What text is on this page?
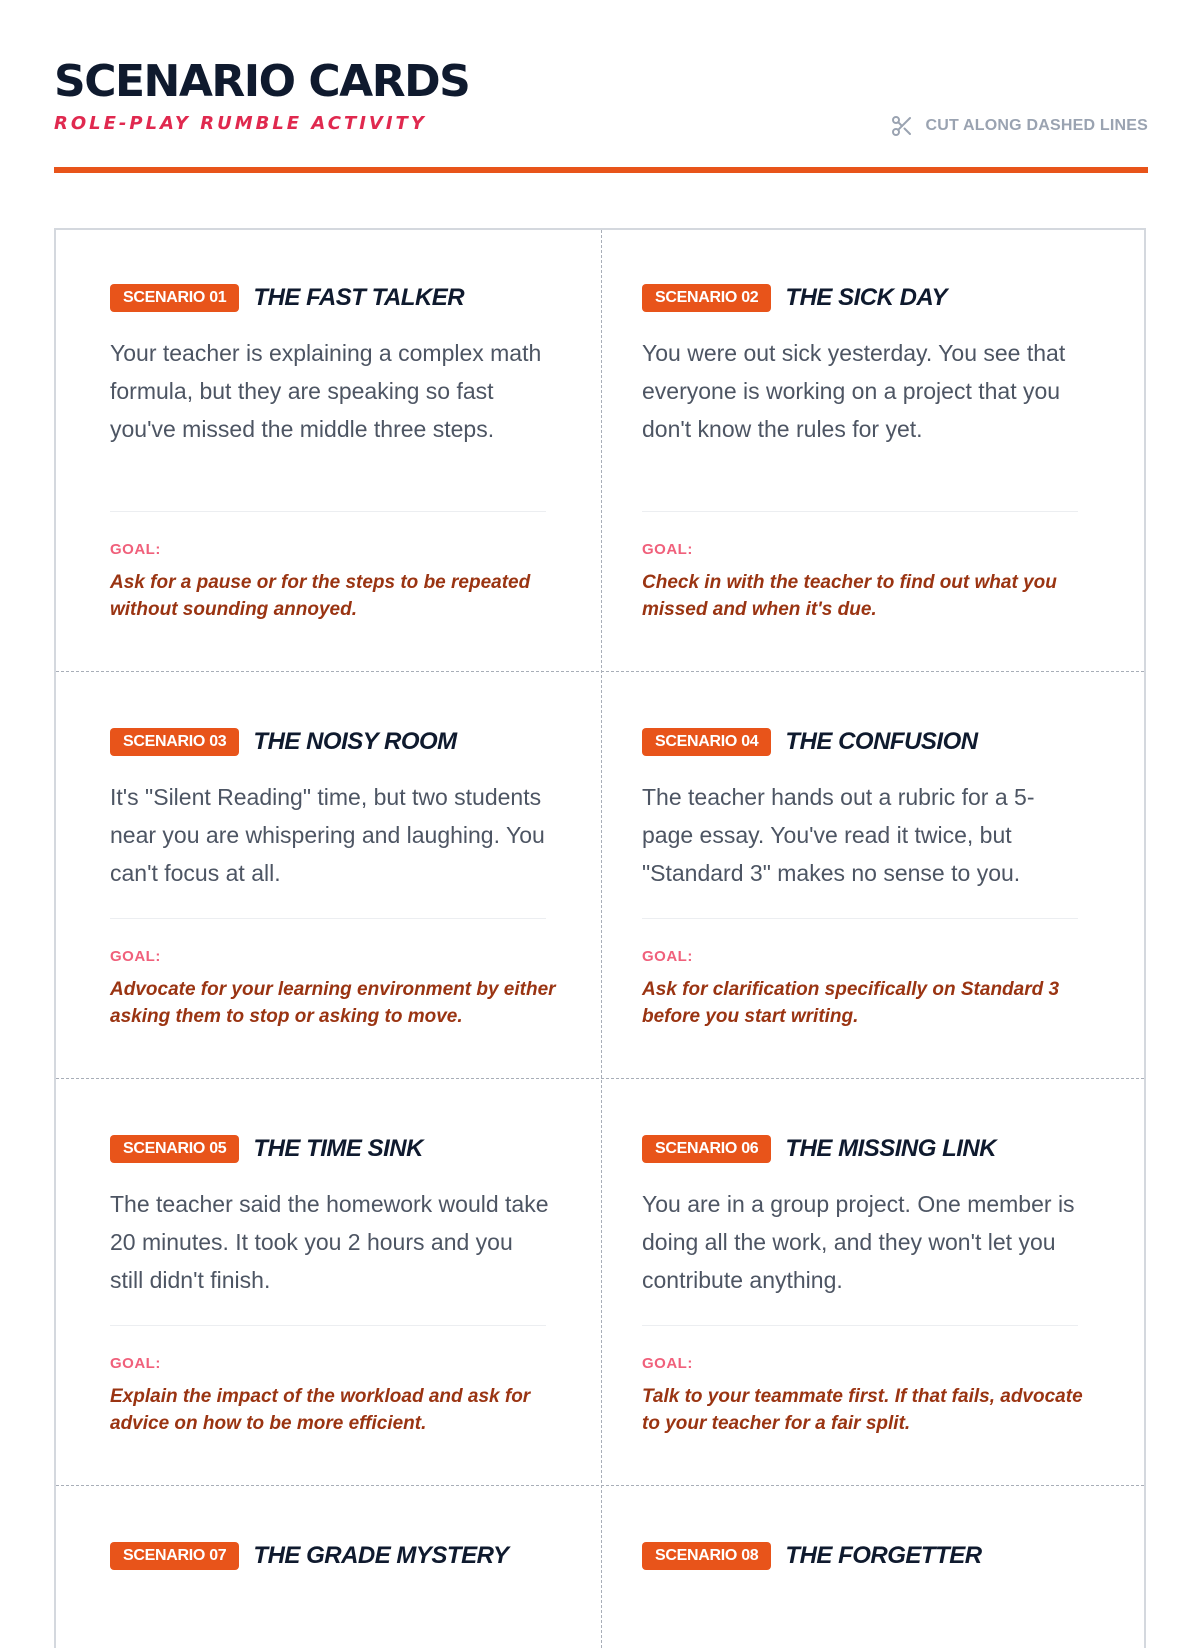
SCENARIO CARDS
ROLE-PLAY RUMBLE ACTIVITY	CUT ALONG DASHED LINES
SCENARIO 01	THE FAST TALKER
Your teacher is explaining a complex math formula, but they are speaking so fast you've missed the middle three steps.
GOAL:
Ask for a pause or for the steps to be repeated without sounding annoyed.
SCENARIO 02	THE SICK DAY
You were out sick yesterday. You see that everyone is working on a project that you don't know the rules for yet.
GOAL:
Check in with the teacher to find out what you missed and when it's due.
SCENARIO 03	THE NOISY ROOM
It's "Silent Reading" time, but two students near you are whispering and laughing. You can't focus at all.
GOAL:
Advocate for your learning environment by either asking them to stop or asking to move.
SCENARIO 04	THE CONFUSION
The teacher hands out a rubric for a 5-page essay. You've read it twice, but "Standard 3" makes no sense to you.
GOAL:
Ask for clarification specifically on Standard 3 before you start writing.
SCENARIO 05	THE TIME SINK
The teacher said the homework would take 20 minutes. It took you 2 hours and you still didn't finish.
GOAL:
Explain the impact of the workload and ask for advice on how to be more efficient.
SCENARIO 06	THE MISSING LINK
You are in a group project. One member is doing all the work, and they won't let you contribute anything.
GOAL:
Talk to your teammate first. If that fails, advocate to your teacher for a fair split.
SCENARIO 07	THE GRADE MYSTERY	SCENARIO 08	THE FORGETTER
